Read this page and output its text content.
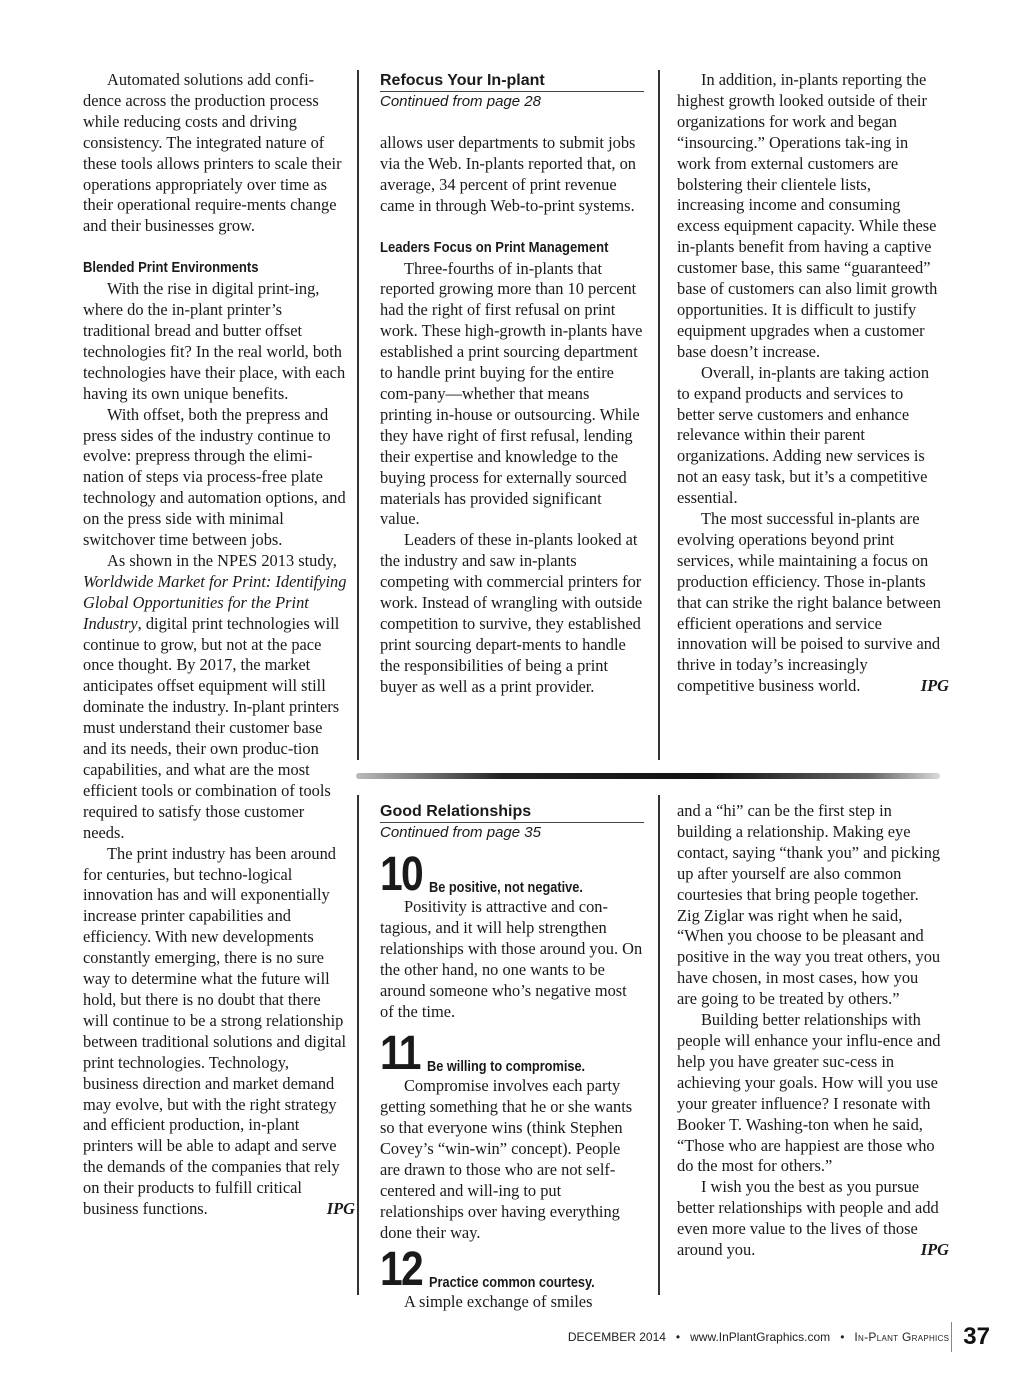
Automated solutions add confi-dence across the production process while reducing costs and driving consistency. The integrated nature of these tools allows printers to scale their operations appropriately over time as their operational require-ments change and their businesses grow.

Blended Print Environments

With the rise in digital print-ing, where do the in-plant printer’s traditional bread and butter offset technologies fit? In the real world, both technologies have their place, with each having its own unique benefits.

With offset, both the prepress and press sides of the industry continue to evolve: prepress through the elimi-nation of steps via process-free plate technology and automation options, and on the press side with minimal switchover time between jobs.

As shown in the NPES 2013 study, Worldwide Market for Print: Identifying Global Opportunities for the Print Industry, digital print technologies will continue to grow, but not at the pace once thought. By 2017, the market anticipates offset equipment will still dominate the industry. In-plant printers must understand their customer base and its needs, their own produc-tion capabilities, and what are the most efficient tools or combination of tools required to satisfy those customer needs.

The print industry has been around for centuries, but techno-logical innovation has and will exponentially increase printer capabilities and efficiency. With new developments constantly emerging, there is no sure way to determine what the future will hold, but there is no doubt that there will continue to be a strong relationship between traditional solutions and digital print technologies. Technology, business direction and market demand may evolve, but with the right strategy and efficient production, in-plant printers will be able to adapt and serve the demands of the companies that rely on their products to fulfill critical business functions.	IPG

Refocus Your In-plant
Continued from page 28

allows user departments to submit jobs via the Web. In-plants reported that, on average, 34 percent of print revenue came in through Web-to-print systems.

Leaders Focus on Print Management

Three-fourths of in-plants that reported growing more than 10 percent had the right of first refusal on print work. These high-growth in-plants have established a print sourcing department to handle print buying for the entire com-pany—whether that means printing in-house or outsourcing. While they have right of first refusal, lending their expertise and knowledge to the buying process for externally sourced materials has provided significant value.

Leaders of these in-plants looked at the industry and saw in-plants competing with commercial printers for work. Instead of wrangling with outside competition to survive, they established print sourcing depart-ments to handle the responsibilities of being a print buyer as well as a print provider.

In addition, in-plants reporting the highest growth looked outside of their organizations for work and began “insourcing.” Operations tak-ing in work from external customers are bolstering their clientele lists, increasing income and consuming excess equipment capacity. While these in-plants benefit from having a captive customer base, this same “guaranteed” base of customers can also limit growth opportunities. It is difficult to justify equipment upgrades when a customer base doesn’t increase.

Overall, in-plants are taking action to expand products and services to better serve customers and enhance relevance within their parent organizations. Adding new services is not an easy task, but it’s a competitive essential.

The most successful in-plants are evolving operations beyond print services, while maintaining a focus on production efficiency. Those in-plants that can strike the right balance between efficient operations and service innovation will be poised to survive and thrive in today’s increasingly competitive business world.	IPG

Good Relationships
Continued from page 35
10 Be positive, not negative.

Positivity is attractive and con-tagious, and it will help strengthen relationships with those around you. On the other hand, no one wants to be around someone who’s negative most of the time.

11 Be willing to compromise.

Compromise involves each party getting something that he or she wants so that everyone wins (think Stephen Covey’s “win-win” concept). People are drawn to those who are not self-centered and will-ing to put relationships over having everything done their way.

12 Practice common courtesy.

A simple exchange of smiles

and a “hi” can be the first step in building a relationship. Making eye contact, saying “thank you” and picking up after yourself are also common courtesies that bring people together. Zig Ziglar was right when he said, “When you choose to be pleasant and positive in the way you treat others, you have chosen, in most cases, how you are going to be treated by others.”

Building better relationships with people will enhance your influ-ence and help you have greater suc-cess in achieving your goals. How will you use your greater influence? I resonate with Booker T. Washing-ton when he said, “Those who are happiest are those who do the most for others.”

I wish you the best as you pursue better relationships with people and add even more value to the lives of those around you.	IPG

DECEMBER 2014 • www.InPlantGraphics.com • In-Plant Graphics 37
